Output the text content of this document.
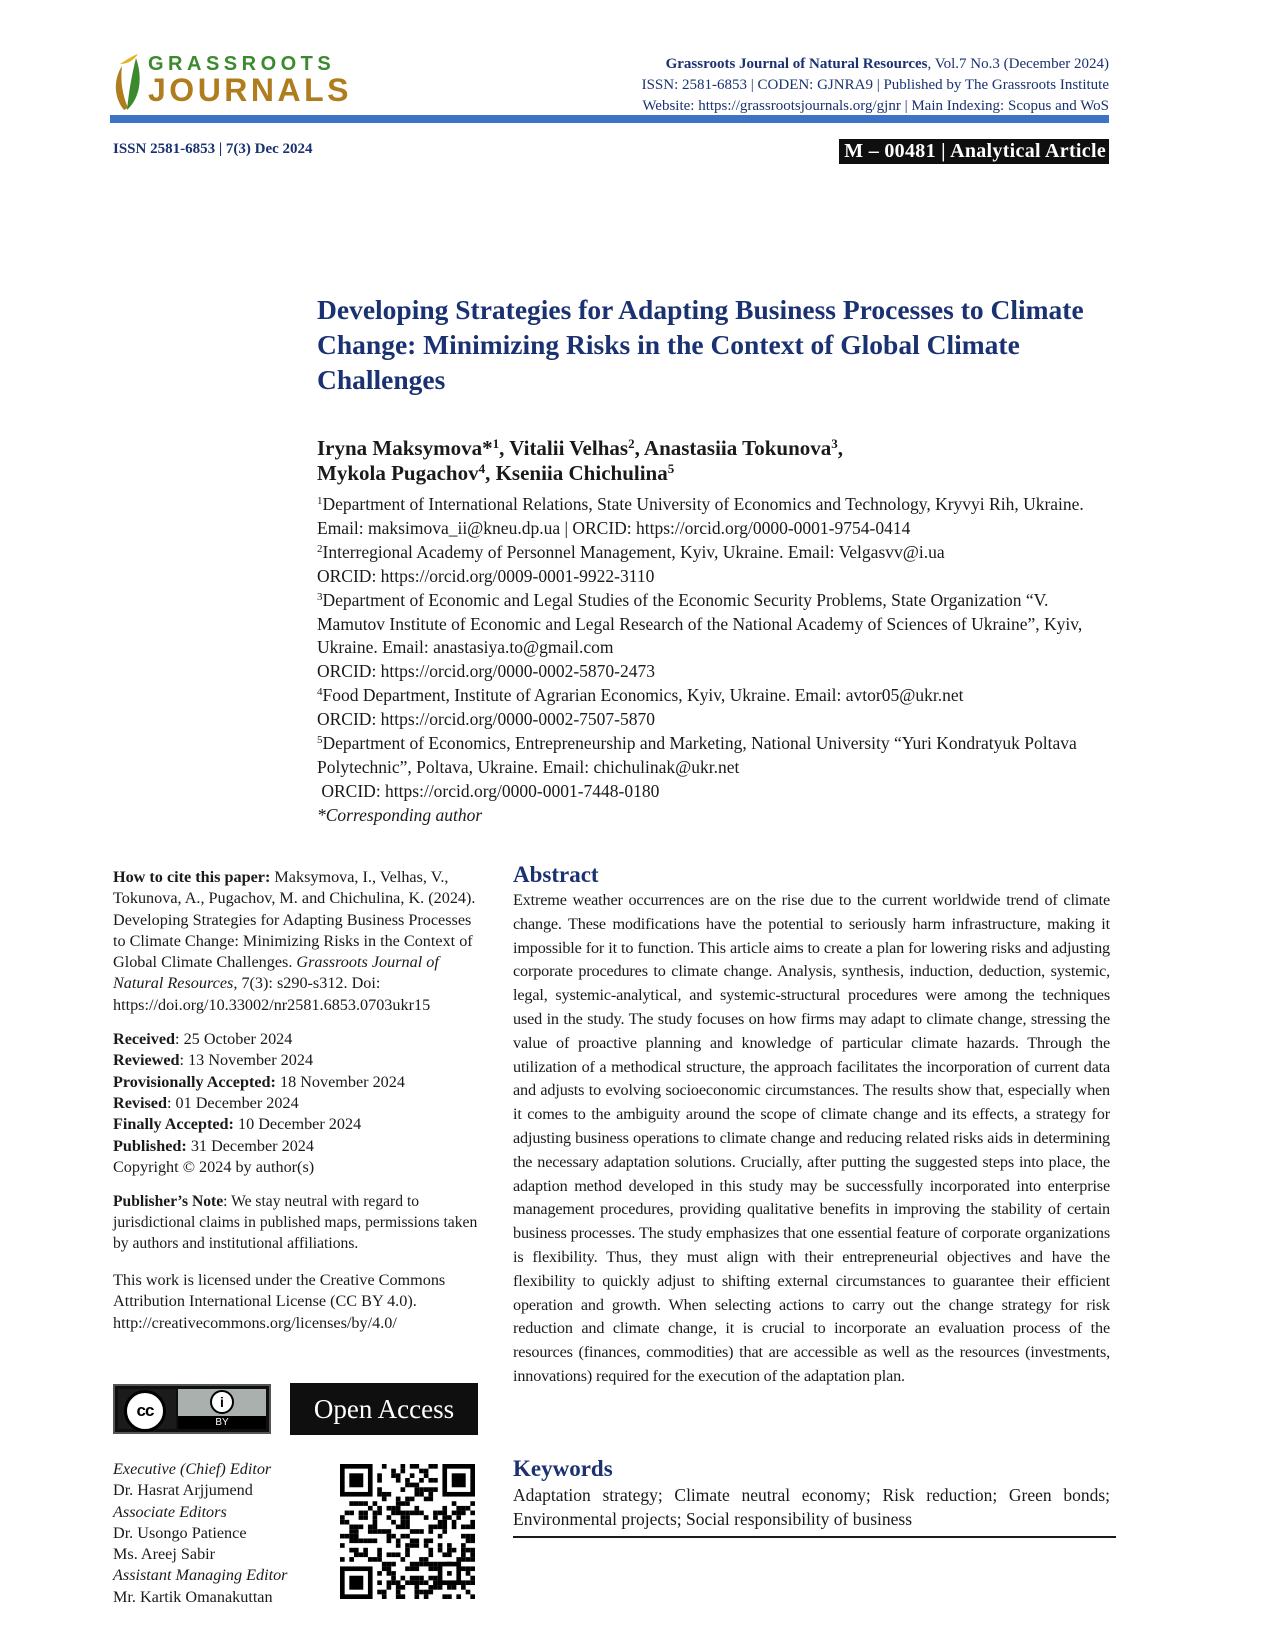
GRASSROOTS
JOURNALS
Grassroots Journal of Natural Resources, Vol.7 No.3 (December 2024)
ISSN: 2581-6853 | CODEN: GJNRA9 | Published by The Grassroots Institute
Website: https://grassrootsjournals.org/gjnr | Main Indexing: Scopus and WoS
ISSN 2581-6853 | 7(3) Dec 2024	M – 00481 | Analytical Article
Developing Strategies for Adapting Business Processes to Climate Change: Minimizing Risks in the Context of Global Climate Challenges
Iryna Maksymova*$^1$, Vitalii Velhas$^2$, Anastasiia Tokunova$^3$,
Mykola Pugachov$^4$, Kseniia Chichulina$^5$

$^1$Department of International Relations, State University of Economics and Technology, Kryvyi Rih, Ukraine. Email: maksimova_ii@kneu.dp.ua | ORCID: https://orcid.org/0000-0001-9754-0414

$^2$Interregional Academy of Personnel Management, Kyiv, Ukraine. Email: Velgasvv@i.ua

ORCID: https://orcid.org/0009-0001-9922-3110

$^3$Department of Economic and Legal Studies of the Economic Security Problems, State Organization “V. Mamutov Institute of Economic and Legal Research of the National Academy of Sciences of Ukraine”, Kyiv, Ukraine. Email: anastasiya.to@gmail.com

ORCID: https://orcid.org/0000-0002-5870-2473

$^4$Food Department, Institute of Agrarian Economics, Kyiv, Ukraine. Email: avtor05@ukr.net

ORCID: https://orcid.org/0000-0002-7507-5870

$^5$Department of Economics, Entrepreneurship and Marketing, National University “Yuri Kondratyuk Poltava Polytechnic”, Poltava, Ukraine. Email: chichulinak@ukr.net

ORCID: https://orcid.org/0000-0001-7448-0180

*Corresponding author

How to cite this paper: Maksymova, I., Velhas, V., Tokunova, A., Pugachov, M. and Chichulina, K. (2024). Developing Strategies for Adapting Business Processes to Climate Change: Minimizing Risks in the Context of Global Climate Challenges. Grassroots Journal of Natural Resources, 7(3): s290-s312. Doi: https://doi.org/10.33002/nr2581.6853.0703ukr15

Received: 25 October 2024

Reviewed: 13 November 2024

Provisionally Accepted: 18 November 2024

Revised: 01 December 2024

Finally Accepted: 10 December 2024

Published: 31 December 2024

Copyright © 2024 by author(s)

Publisher’s Note: We stay neutral with regard to jurisdictional claims in published maps, permissions taken by authors and institutional affiliations.

This work is licensed under the Creative Commons Attribution International License (CC BY 4.0).

http://creativecommons.org/licenses/by/4.0/

cc	i
BY	Open Access
Executive (Chief) Editor
Dr. Hasrat Arjjumend
Associate Editors
Dr. Usongo Patience
Ms. Areej Sabir
Assistant Managing Editor
Mr. Kartik Omanakuttan
Abstract

Extreme weather occurrences are on the rise due to the current worldwide trend of climate change. These modifications have the potential to seriously harm infrastructure, making it impossible for it to function. This article aims to create a plan for lowering risks and adjusting corporate procedures to climate change. Analysis, synthesis, induction, deduction, systemic, legal, systemic-analytical, and systemic-structural procedures were among the techniques used in the study. The study focuses on how firms may adapt to climate change, stressing the value of proactive planning and knowledge of particular climate hazards. Through the utilization of a methodical structure, the approach facilitates the incorporation of current data and adjusts to evolving socioeconomic circumstances. The results show that, especially when it comes to the ambiguity around the scope of climate change and its effects, a strategy for adjusting business operations to climate change and reducing related risks aids in determining the necessary adaptation solutions. Crucially, after putting the suggested steps into place, the adaption method developed in this study may be successfully incorporated into enterprise management procedures, providing qualitative benefits in improving the stability of certain business processes. The study emphasizes that one essential feature of corporate organizations is flexibility. Thus, they must align with their entrepreneurial objectives and have the flexibility to quickly adjust to shifting external circumstances to guarantee their efficient operation and growth. When selecting actions to carry out the change strategy for risk reduction and climate change, it is crucial to incorporate an evaluation process of the resources (finances, commodities) that are accessible as well as the resources (investments, innovations) required for the execution of the adaptation plan.

Keywords

Adaptation strategy; Climate neutral economy; Risk reduction; Green bonds; Environmental projects; Social responsibility of business
